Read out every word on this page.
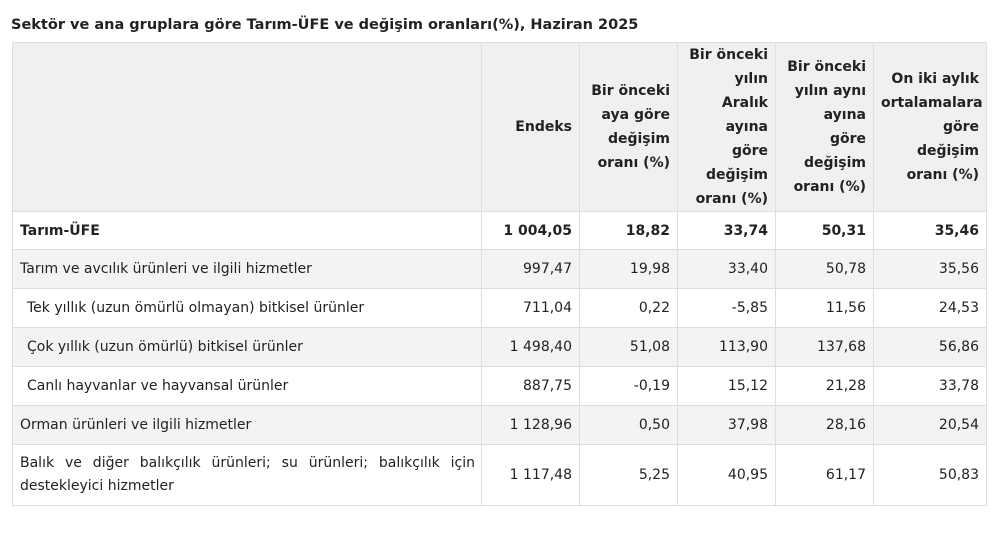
Sektör ve ana gruplara göre Tarım-ÜFE ve değişim oranları(%), Haziran 2025
	Endeks	Bir önceki aya göre değişim oranı (%)	Bir önceki yılın Aralık ayına göre değişim oranı (%)	Bir önceki yılın aynı ayına göre değişim oranı (%)	On iki aylık ortalamalara göre değişim oranı (%)
Tarım-ÜFE	1 004,05	18,82	33,74	50,31	35,46
Tarım ve avcılık ürünleri ve ilgili hizmetler	997,47	19,98	33,40	50,78	35,56
Tek yıllık (uzun ömürlü olmayan) bitkisel ürünler	711,04	0,22	-5,85	11,56	24,53
Çok yıllık (uzun ömürlü) bitkisel ürünler	1 498,40	51,08	113,90	137,68	56,86
Canlı hayvanlar ve hayvansal ürünler	887,75	-0,19	15,12	21,28	33,78
Orman ürünleri ve ilgili hizmetler	1 128,96	0,50	37,98	28,16	20,54
Balık ve diğer balıkçılık ürünleri; su ürünleri; balıkçılık için destekleyici hizmetler	1 117,48	5,25	40,95	61,17	50,83
